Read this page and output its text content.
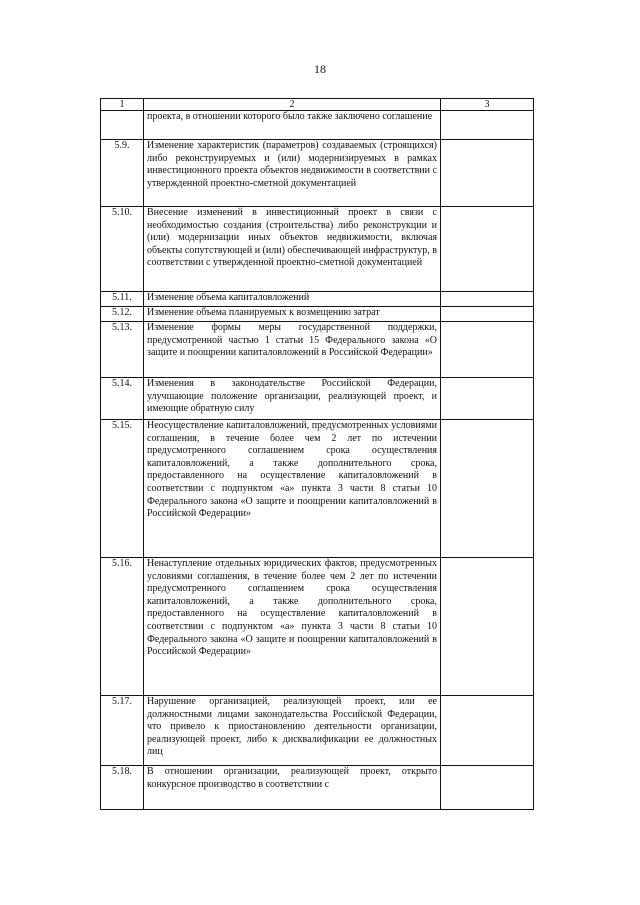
18
1	2	3
	проекта, в отношении которого было также заключено соглашение	
5.9.	Изменение характеристик (параметров) создаваемых (строящихся) либо реконструируемых и (или) модернизируемых в рамках инвестиционного проекта объектов недвижимости в соответствии с утвержденной проектно-сметной документацией	
5.10.	Внесение изменений в инвестиционный проект в связи с необходимостью создания (строительства) либо реконструкции и (или) модернизации иных объектов недвижимости, включая объекты сопутствующей и (или) обеспечивающей инфраструктур, в соответствии с утвержденной проектно-сметной документацией	
5.11.	Изменение объема капиталовложений	
5.12.	Изменение объема планируемых к возмещению затрат	
5.13.	Изменение формы меры государственной поддержки, предусмотренной частью 1 статьи 15 Федерального закона «О защите и поощрении капиталовложений в Российской Федерации»	
5.14.	Изменения в законодательстве Российской Федерации, улучшающие положение организации, реализующей проект, и имеющие обратную силу	
5.15.	Неосуществление капиталовложений, предусмотренных условиями соглашения, в течение более чем 2 лет по истечении предусмотренного соглашением срока осуществления капиталовложений, а также дополнительного срока, предоставленного на осуществление капиталовложений в соответствии с подпунктом «а» пункта 3 части 8 статьи 10 Федерального закона «О защите и поощрении капиталовложений в Российской Федерации»	
5.16.	Ненаступление отдельных юридических фактов, предусмотренных условиями соглашения, в течение более чем 2 лет по истечении предусмотренного соглашением срока осуществления капиталовложений, а также дополнительного срока, предоставленного на осуществление капиталовложений в соответствии с подпунктом «а» пункта 3 части 8 статьи 10 Федерального закона «О защите и поощрении капиталовложений в Российской Федерации»	
5.17.	Нарушение организацией, реализующей проект, или ее должностными лицами законодательства Российской Федерации, что привело к приостановлению деятельности организации, реализующей проект, либо к дисквалификации ее должностных лиц	
5.18.	В отношении организации, реализующей проект, открыто конкурсное производство в соответствии с	
